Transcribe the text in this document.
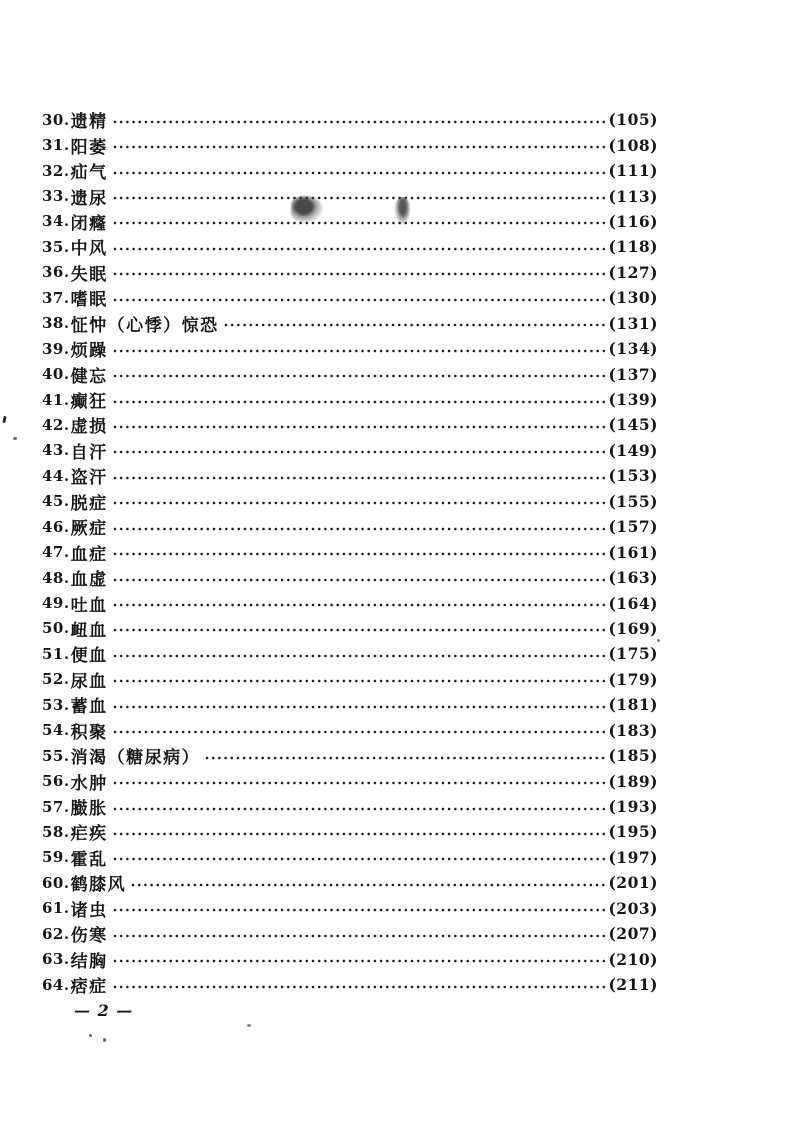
30. 遗精	(105)
31. 阳萎	(108)
32. 疝气	(111)
33. 遗尿	(113)
34. 闭癃	(116)
35. 中风	(118)
36. 失眠	(127)
37. 嗜眠	(130)
38. 怔忡（心悸）惊恐	(131)
39. 烦躁	(134)
40. 健忘	(137)
41. 癫狂	(139)
42. 虚损	(145)
43. 自汗	(149)
44. 盗汗	(153)
45. 脱症	(155)
46. 厥症	(157)
47. 血症	(161)
48. 血虚	(163)
49. 吐血	(164)
50. 衄血	(169)
51. 便血	(175)
52. 尿血	(179)
53. 蓄血	(181)
54. 积聚	(183)
55. 消渴（糖尿病）	(185)
56. 水肿	(189)
57. 臌胀	(193)
58. 疟疾	(195)
59. 霍乱	(197)
60. 鹤膝风	(201)
61. 诸虫	(203)
62. 伤寒	(207)
63. 结胸	(210)
64. 痞症	(211)
— 2 —
